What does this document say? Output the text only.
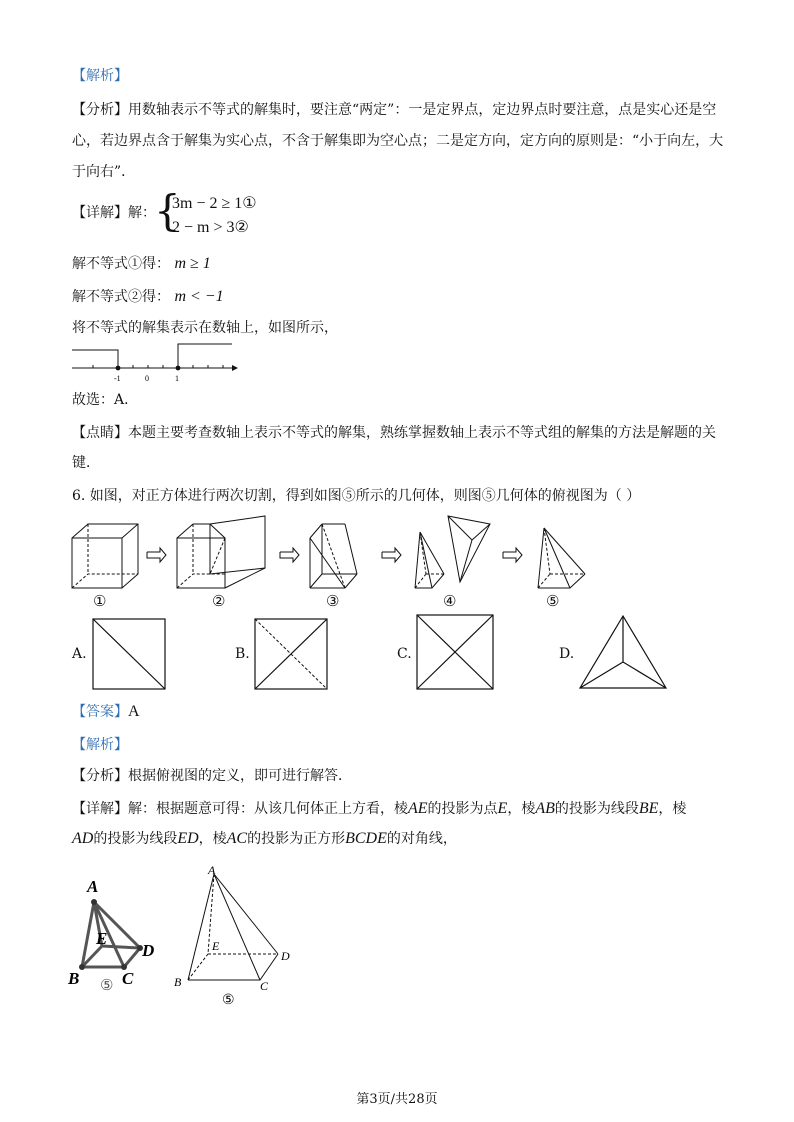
【解析】
【分析】用数轴表示不等式的解集时，要注意“两定”：一是定界点，定边界点时要注意，点是实心还是空
心，若边界点含于解集为实心点，不含于解集即为空心点；二是定方向，定方向的原则是：“小于向左，大
于向右”．
【详解】解：
{
3m − 2 ≥ 1①
2 − m > 3②
解不等式①得： m ≥ 1
解不等式②得： m < −1
将不等式的解集表示在数轴上，如图所示，
-1	0	1
故选：A．
【点睛】本题主要考查数轴上表示不等式的解集，熟练掌握数轴上表示不等式组的解集的方法是解题的关
键．
6. 如图，对正方体进行两次切割，得到如图⑤所示的几何体，则图⑤几何体的俯视图为（ ）
①	②	③	④	⑤
A.	B.	C.	D.
【答案】A
【解析】
【分析】根据俯视图的定义，即可进行解答．
【详解】解：根据题意可得：从该几何体正上方看，棱AE的投影为点E，棱AB的投影为线段BE，棱
AD的投影为线段ED，棱AC的投影为正方形BCDE的对角线，
A
B	C
D
E
⑤
A
B	C
D
E
⑤
第3页/共28页
